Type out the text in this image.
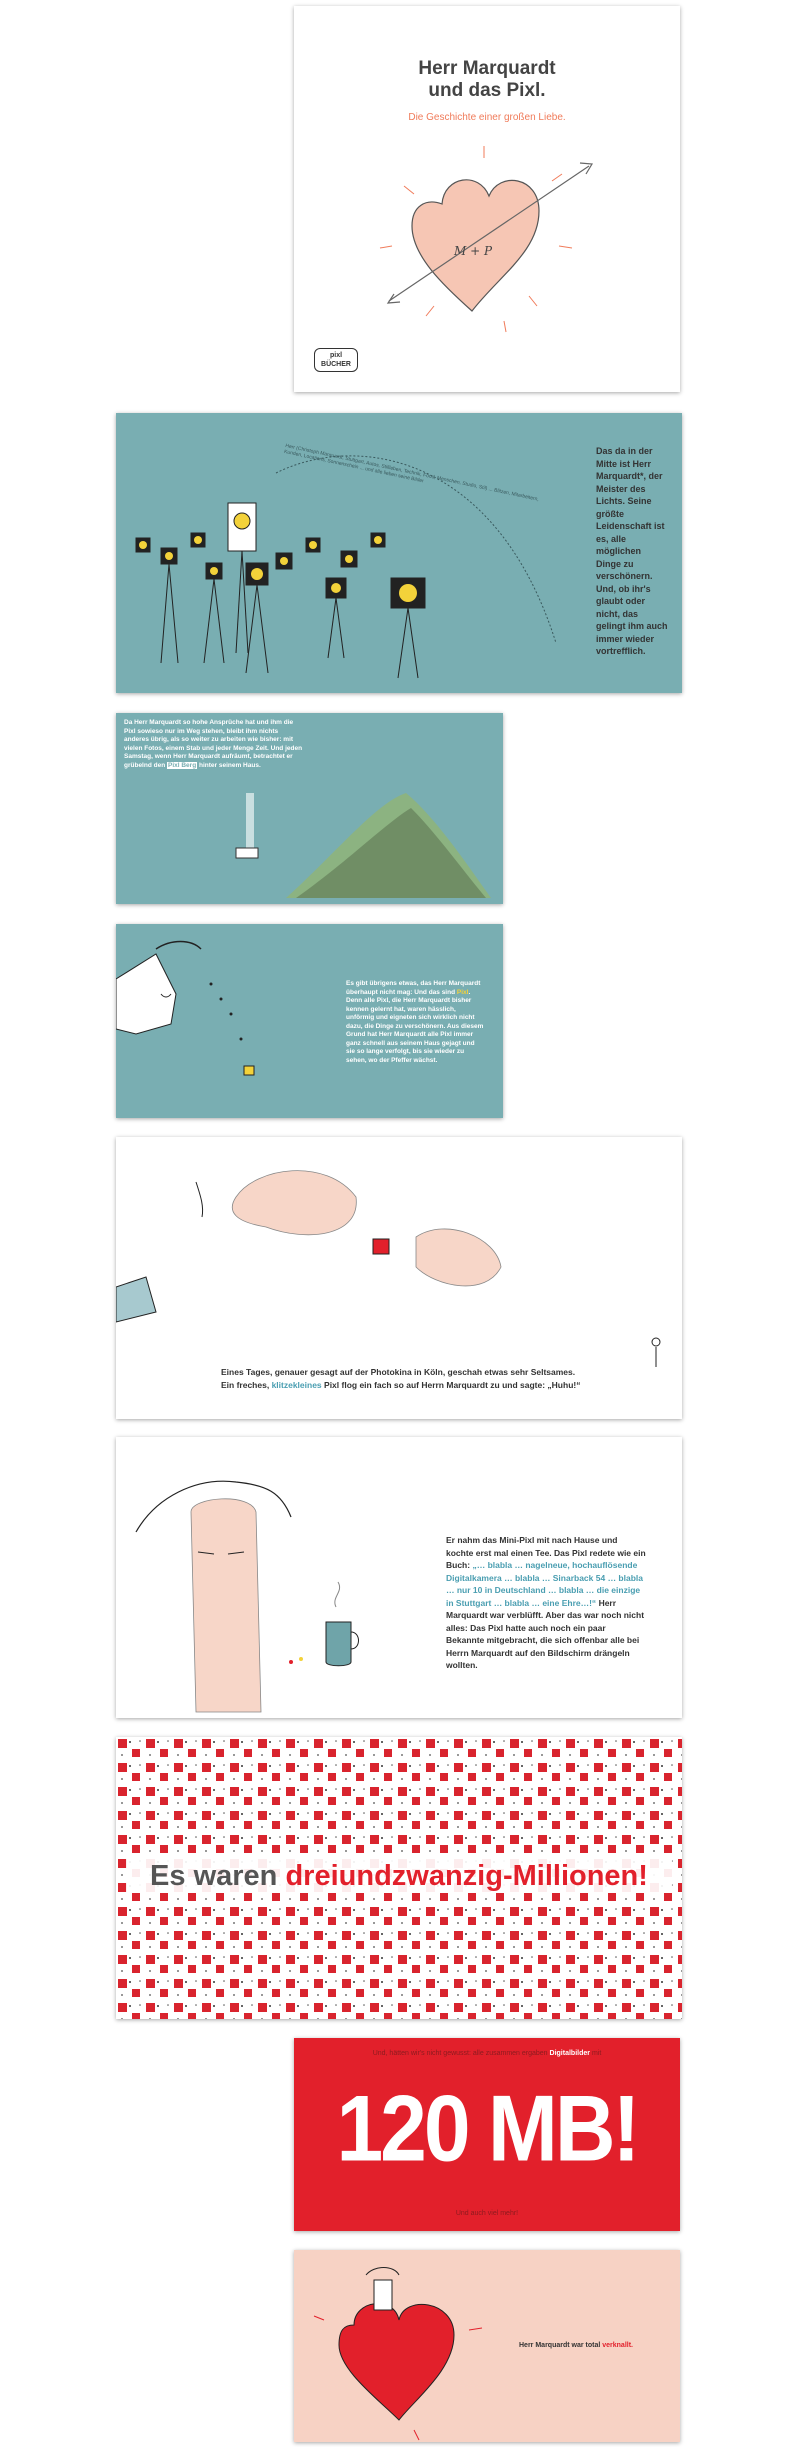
Herr Marquardt
und das Pixl.
Die Geschichte einer großen Liebe.
M + P
pixl BÜCHER
Herr (Christoph Marquardt, Stuttgart, Autos, Stillleben, Technik, Food, Menschen, Studio, Stil) ... Blitzen, Mitarbeitern, Kunden, Locations, Sonnenschein ... und alle lieben seine Bilder	Das da in der Mitte ist Herr Marquardt*, der Meister des Lichts. Seine größte Leidenschaft ist es, alle möglichen Dinge zu verschönern. Und, ob ihr's glaubt oder nicht, das gelingt ihm auch immer wieder vortrefflich.
Da Herr Marquardt so hohe Ansprüche hat und ihm die Pixl sowieso nur im Weg stehen, bleibt ihm nichts anderes übrig, als so weiter zu arbeiten wie bisher: mit vielen Fotos, einem Stab und jeder Menge Zeit. Und jeden Samstag, wenn Herr Marquardt aufräumt, betrachtet er grübelnd den Pixl Berg hinter seinem Haus.
Es gibt übrigens etwas, das Herr Marquardt überhaupt nicht mag: Und das sind Pixl. Denn alle Pixl, die Herr Marquardt bisher kennen gelernt hat, waren hässlich, unförmig und eigneten sich wirklich nicht dazu, die Dinge zu verschönern. Aus diesem Grund hat Herr Marquardt alle Pixl immer ganz schnell aus seinem Haus gejagt und sie so lange verfolgt, bis sie wieder zu sehen, wo der Pfeffer wächst.
Eines Tages, genauer gesagt auf der Photokina in Köln, geschah etwas sehr Seltsames.
Ein freches, klitzekleines Pixl flog ein fach so auf Herrn Marquardt zu und sagte: „Huhu!“
Er nahm das Mini-Pixl mit nach Hause und kochte erst mal einen Tee. Das Pixl redete wie ein Buch: „… blabla … nagelneue, hochauflösende Digitalkamera … blabla … Sinarback 54 … blabla … nur 10 in Deutschland … blabla … die einzige in Stuttgart … blabla … eine Ehre…!“ Herr Marquardt war verblüfft. Aber das war noch nicht alles: Das Pixl hatte auch noch ein paar Bekannte mitgebracht, die sich offenbar alle bei Herrn Marquardt auf den Bildschirm drängeln wollten.
Es waren dreiundzwanzig-Millionen!
Und, hätten wir's nicht gewusst: alle zusammen ergaben Digitalbilder mit
120 MB!
Und auch viel mehr!
Herr Marquardt war total verknallt.
